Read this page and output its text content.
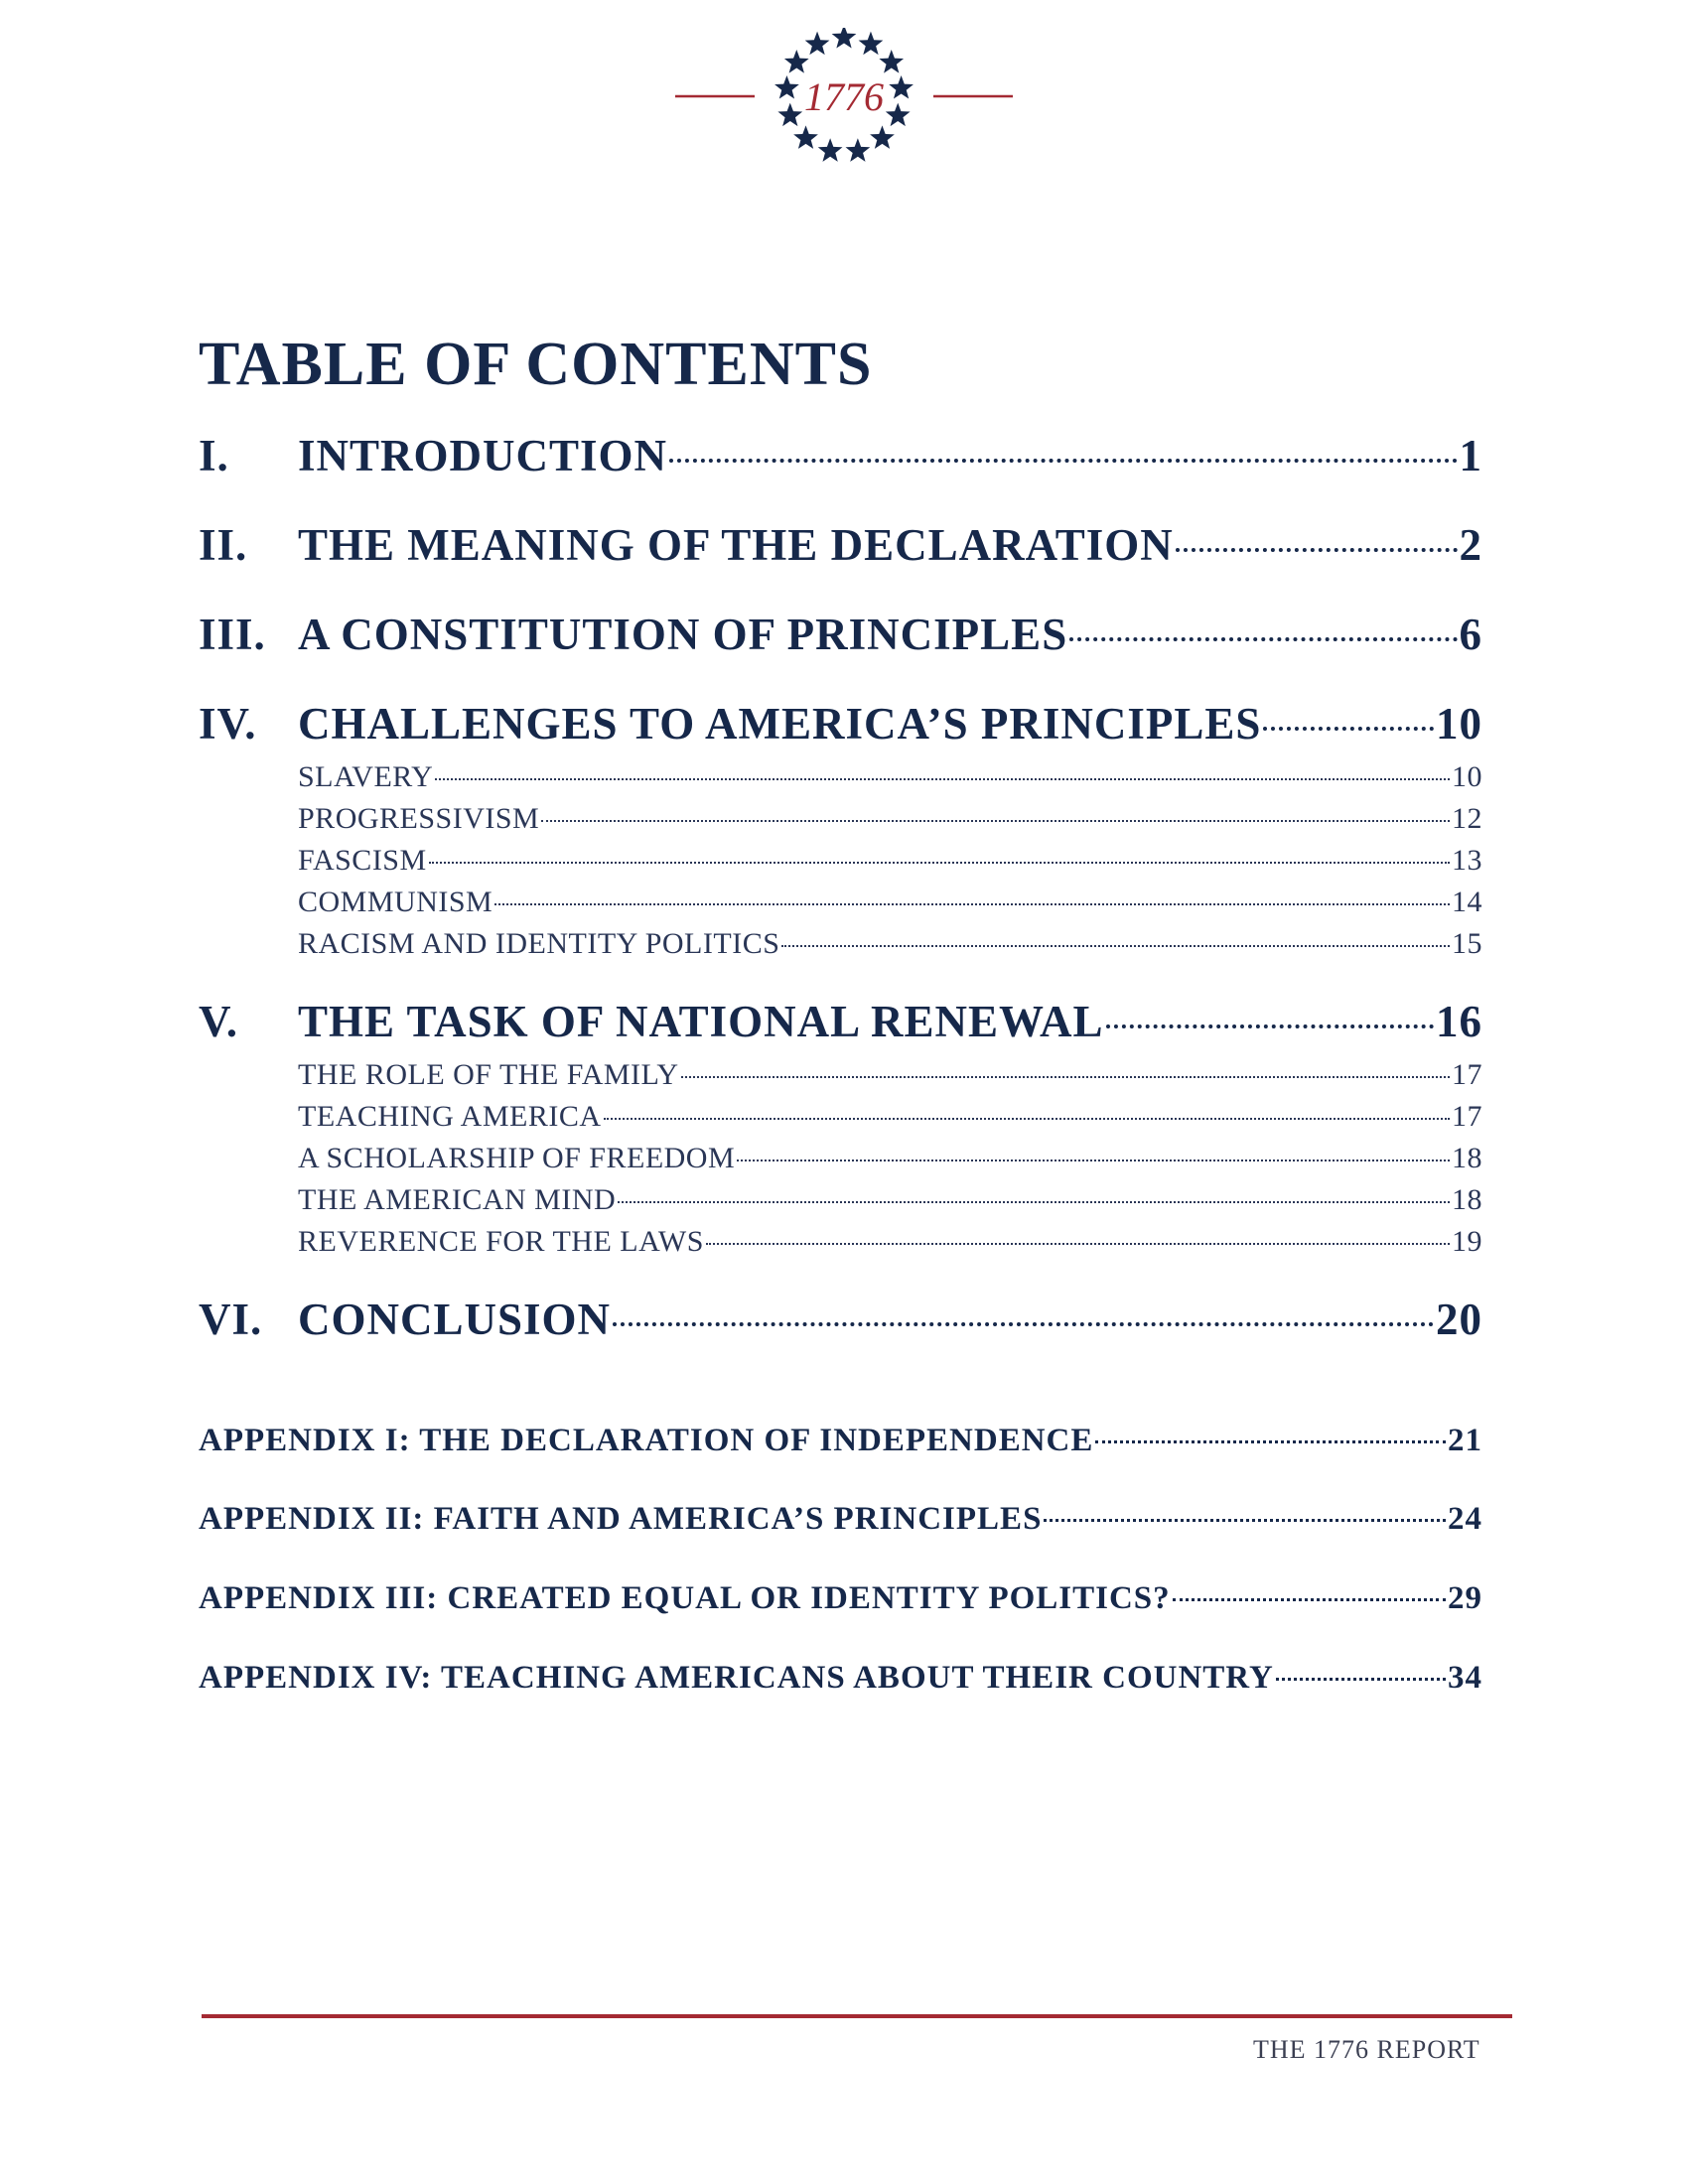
1776
TABLE OF CONTENTS
I.	INTRODUCTION	1
II.	THE MEANING OF THE DECLARATION	2
III. A CONSTITUTION OF PRINCIPLES	6
IV. CHALLENGES TO AMERICA’S PRINCIPLES	10
SLAVERY	10
PROGRESSIVISM	12
FASCISM	13
COMMUNISM	14
RACISM AND IDENTITY POLITICS	15
V.	THE TASK OF NATIONAL RENEWAL	16
THE ROLE OF THE FAMILY	17
TEACHING AMERICA	17
A SCHOLARSHIP OF FREEDOM	18
THE AMERICAN MIND	18
REVERENCE FOR THE LAWS	19
VI. CONCLUSION	20
APPENDIX I: THE DECLARATION OF INDEPENDENCE	21
APPENDIX II: FAITH AND AMERICA’S PRINCIPLES	24
APPENDIX III: CREATED EQUAL OR IDENTITY POLITICS?	29
APPENDIX IV: TEACHING AMERICANS ABOUT THEIR COUNTRY	34
THE 1776 REPORT
